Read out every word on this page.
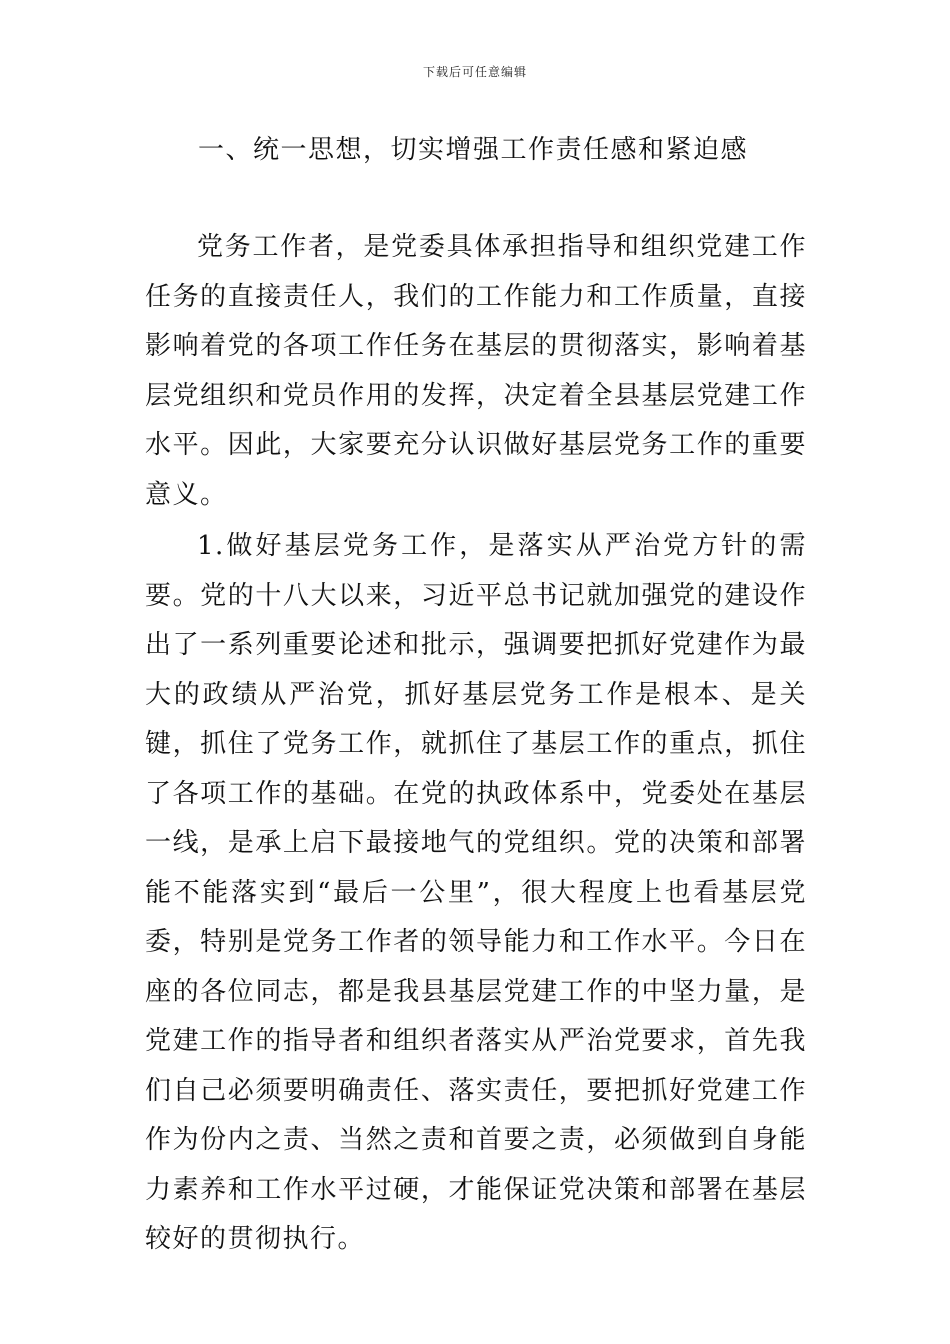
下载后可任意编辑
一、统一思想，切实增强工作责任感和紧迫感

党务工作者，是党委具体承担指导和组织党建工作任务的直接责任人，我们的工作能力和工作质量，直接影响着党的各项工作任务在基层的贯彻落实，影响着基层党组织和党员作用的发挥，决定着全县基层党建工作水平。因此，大家要充分认识做好基层党务工作的重要意义。

1.做好基层党务工作，是落实从严治党方针的需要。党的十八大以来，习近平总书记就加强党的建设作出了一系列重要论述和批示，强调要把抓好党建作为最大的政绩从严治党，抓好基层党务工作是根本、是关键，抓住了党务工作，就抓住了基层工作的重点，抓住了各项工作的基础。在党的执政体系中，党委处在基层一线，是承上启下最接地气的党组织。党的决策和部署能不能落实到“最后一公里”，很大程度上也看基层党委，特别是党务工作者的领导能力和工作水平。今日在座的各位同志，都是我县基层党建工作的中坚力量，是党建工作的指导者和组织者落实从严治党要求，首先我们自己必须要明确责任、落实责任，要把抓好党建工作作为份内之责、当然之责和首要之责，必须做到自身能力素养和工作水平过硬，才能保证党决策和部署在基层较好的贯彻执行。
